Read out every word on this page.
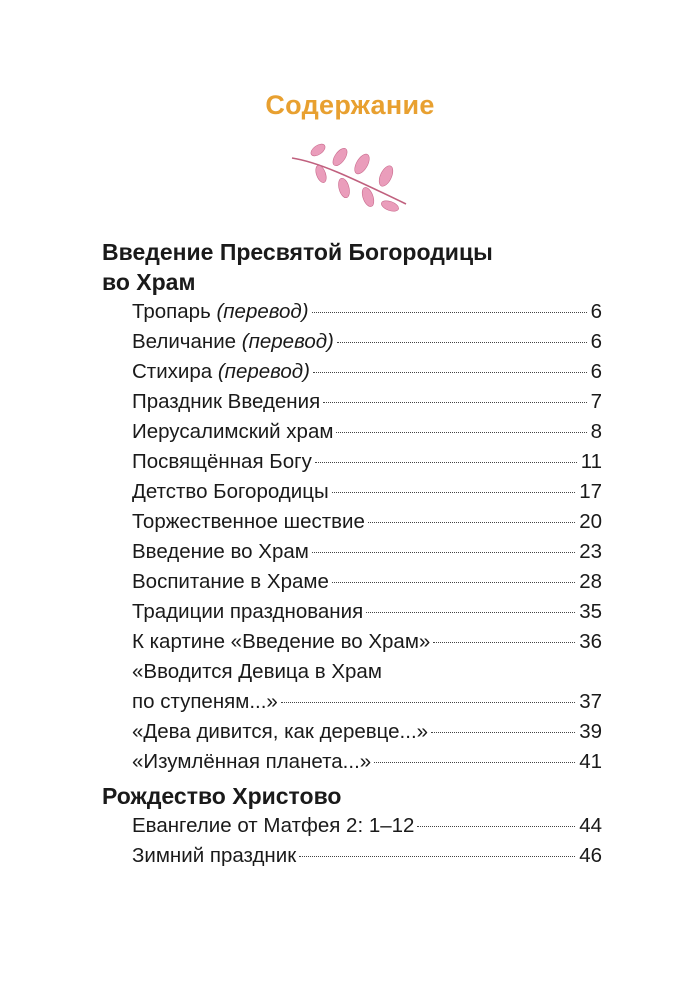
Содержание
Введение Пресвятой Богородицы
во Храм
Тропарь (перевод)	6
Величание (перевод)	6
Стихира (перевод)	6
Праздник Введения	7
Иерусалимский храм	8
Посвящённая Богу	11
Детство Богородицы	17
Торжественное шествие	20
Введение во Храм	23
Воспитание в Храме	28
Традиции празднования	35
К картине «Введение во Храм»	36
«Вводится Девица в Храм
по ступеням...»	37
«Дева дивится, как деревце...»	39
«Изумлённая планета...»	41
Рождество Христово
Евангелие от Матфея 2: 1–12	44
Зимний праздник	46
